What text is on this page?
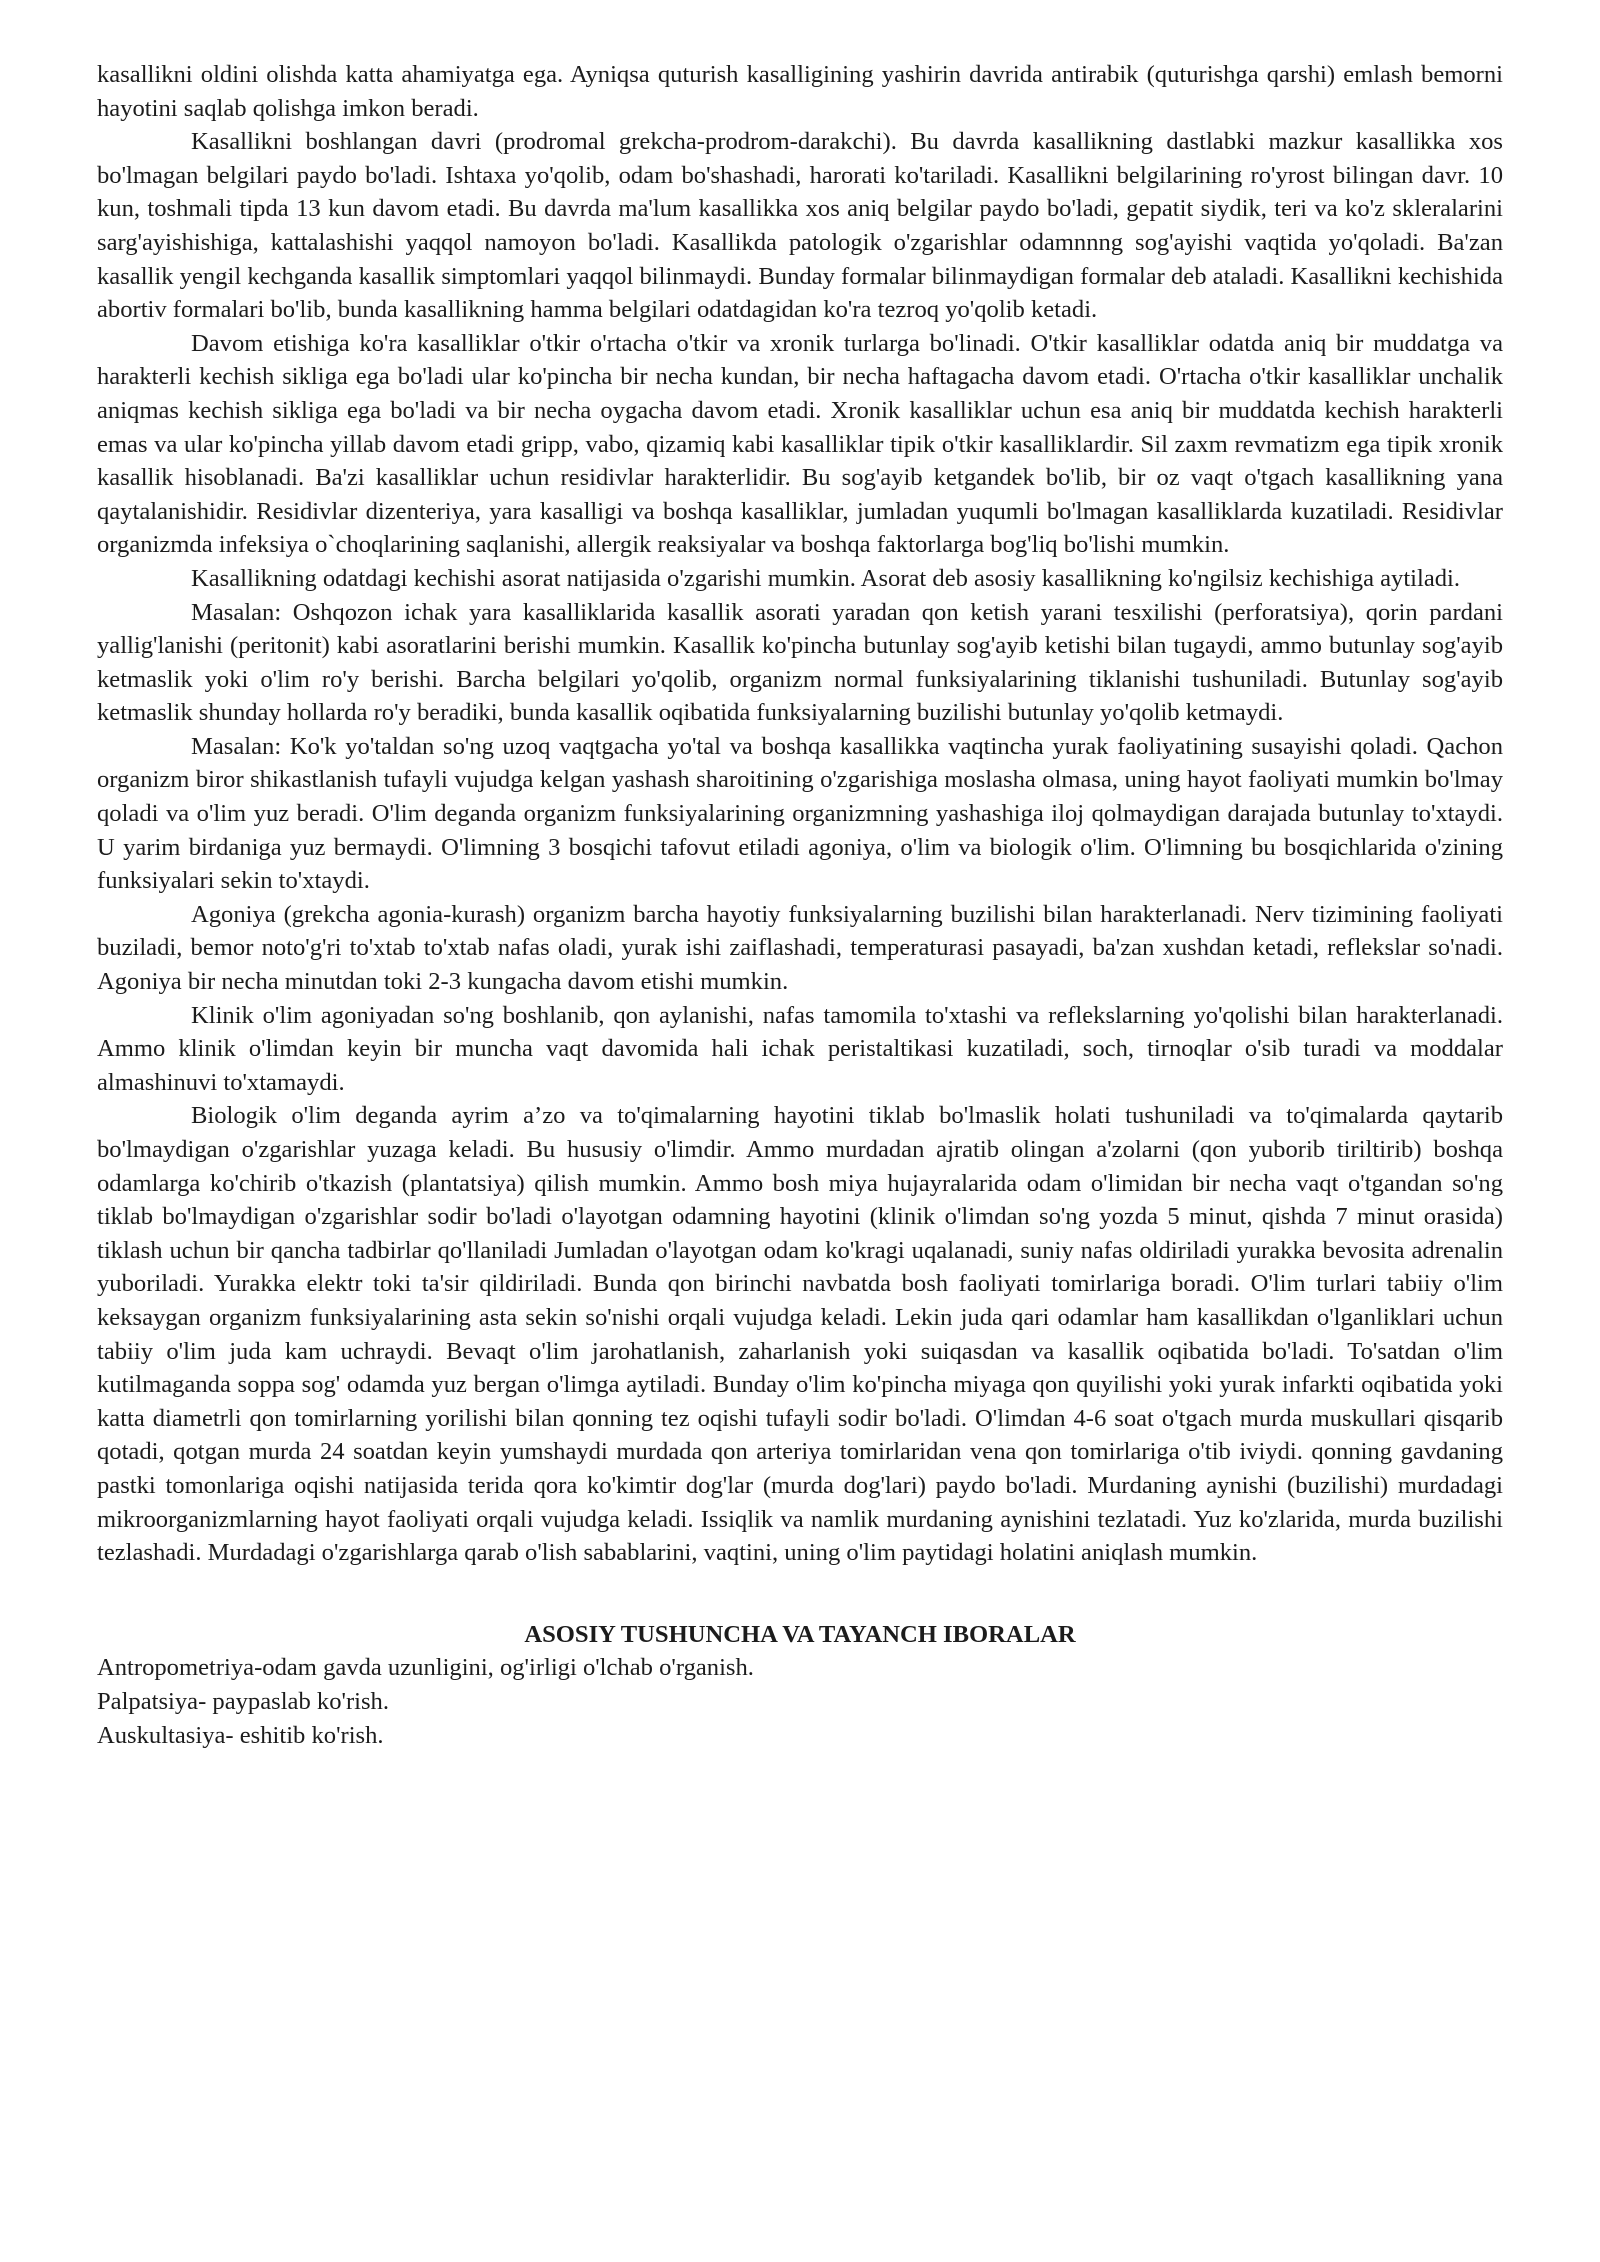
kasallikni oldini olishda katta ahamiyatga ega. Ayniqsa quturish kasalligining yashirin davrida antirabik (quturishga qarshi) emlash bemorni hayotini saqlab qolishga imkon beradi.

Kasallikni boshlangan davri (prodromal grekcha-prodrom-darakchi). Bu davrda kasallikning dastlabki mazkur kasallikka xos bo'lmagan belgilari paydo bo'ladi. Ishtaxa yo'qolib, odam bo'shashadi, harorati ko'tariladi. Kasallikni belgilarining ro'yrost bilingan davr. 10 kun, toshmali tipda 13 kun davom etadi. Bu davrda ma'lum kasallikka xos aniq belgilar paydo bo'ladi, gepatit siydik, teri va ko'z skleralarini sarg'ayishishiga, kattalashishi yaqqol namoyon bo'ladi. Kasallikda patologik o'zgarishlar odamnnng sog'ayishi vaqtida yo'qoladi. Ba'zan kasallik yengil kechganda kasallik simptomlari yaqqol bilinmaydi. Bunday formalar bilinmaydigan formalar deb ataladi. Kasallikni kechishida abortiv formalari bo'lib, bunda kasallikning hamma belgilari odatdagidan ko'ra tezroq yo'qolib ketadi.

Davom etishiga ko'ra kasalliklar o'tkir o'rtacha o'tkir va xronik turlarga bo'linadi. O'tkir kasalliklar odatda aniq bir muddatga va harakterli kechish sikliga ega bo'ladi ular ko'pincha bir necha kundan, bir necha haftagacha davom etadi. O'rtacha o'tkir kasalliklar unchalik aniqmas kechish sikliga ega bo'ladi va bir necha oygacha davom etadi. Xronik kasalliklar uchun esa aniq bir muddatda kechish harakterli emas va ular ko'pincha yillab davom etadi gripp, vabo, qizamiq kabi kasalliklar tipik o'tkir kasalliklardir. Sil zaxm revmatizm ega tipik xronik kasallik hisoblanadi. Ba'zi kasalliklar uchun residivlar harakterlidir. Bu sog'ayib ketgandek bo'lib, bir oz vaqt o'tgach kasallikning yana qaytalanishidir. Residivlar dizenteriya, yara kasalligi va boshqa kasalliklar, jumladan yuqumli bo'lmagan kasalliklarda kuzatiladi. Residivlar organizmda infeksiya o`choqlarining saqlanishi, allergik reaksiyalar va boshqa faktorlarga bog'liq bo'lishi mumkin.

Kasallikning odatdagi kechishi asorat natijasida o'zgarishi mumkin. Asorat deb asosiy kasallikning ko'ngilsiz kechishiga aytiladi.

Masalan: Oshqozon ichak yara kasalliklarida kasallik asorati yaradan qon ketish yarani tesxilishi (perforatsiya), qorin pardani yallig'lanishi (peritonit) kabi asoratlarini berishi mumkin. Kasallik ko'pincha butunlay sog'ayib ketishi bilan tugaydi, ammo butunlay sog'ayib ketmaslik yoki o'lim ro'y berishi. Barcha belgilari yo'qolib, organizm normal funksiyalarining tiklanishi tushuniladi. Butunlay sog'ayib ketmaslik shunday hollarda ro'y beradiki, bunda kasallik oqibatida funksiyalarning buzilishi butunlay yo'qolib ketmaydi.

Masalan: Ko'k yo'taldan so'ng uzoq vaqtgacha yo'tal va boshqa kasallikka vaqtincha yurak faoliyatining susayishi qoladi. Qachon organizm biror shikastlanish tufayli vujudga kelgan yashash sharoitining o'zgarishiga moslasha olmasa, uning hayot faoliyati mumkin bo'lmay qoladi va o'lim yuz beradi. O'lim deganda organizm funksiyalarining organizmning yashashiga iloj qolmaydigan darajada butunlay to'xtaydi. U yarim birdaniga yuz bermaydi. O'limning 3 bosqichi tafovut etiladi agoniya, o'lim va biologik o'lim. O'limning bu bosqichlarida o'zining funksiyalari sekin to'xtaydi.

Agoniya (grekcha agonia-kurash) organizm barcha hayotiy funksiyalarning buzilishi bilan harakterlanadi. Nerv tizimining faoliyati buziladi, bemor noto'g'ri to'xtab to'xtab nafas oladi, yurak ishi zaiflashadi, temperaturasi pasayadi, ba'zan xushdan ketadi, reflekslar so'nadi. Agoniya bir necha minutdan toki 2-3 kungacha davom etishi mumkin.

Klinik o'lim agoniyadan so'ng boshlanib, qon aylanishi, nafas tamomila to'xtashi va reflekslarning yo'qolishi bilan harakterlanadi. Ammo klinik o'limdan keyin bir muncha vaqt davomida hali ichak peristaltikasi kuzatiladi, soch, tirnoqlar o'sib turadi va moddalar almashinuvi to'xtamaydi.

Biologik o'lim deganda ayrim a’zo va to'qimalarning hayotini tiklab bo'lmaslik holati tushuniladi va to'qimalarda qaytarib bo'lmaydigan o'zgarishlar yuzaga keladi. Bu hususiy o'limdir. Ammo murdadan ajratib olingan a'zolarni (qon yuborib tiriltirib) boshqa odamlarga ko'chirib o'tkazish (plantatsiya) qilish mumkin. Ammo bosh miya hujayralarida odam o'limidan bir necha vaqt o'tgandan so'ng tiklab bo'lmaydigan o'zgarishlar sodir bo'ladi o'layotgan odamning hayotini (klinik o'limdan so'ng yozda 5 minut, qishda 7 minut orasida) tiklash uchun bir qancha tadbirlar qo'llaniladi Jumladan o'layotgan odam ko'kragi uqalanadi, suniy nafas oldiriladi yurakka bevosita adrenalin yuboriladi. Yurakka elektr toki ta'sir qildiriladi. Bunda qon birinchi navbatda bosh faoliyati tomirlariga boradi. O'lim turlari tabiiy o'lim keksaygan organizm funksiyalarining asta sekin so'nishi orqali vujudga keladi. Lekin juda qari odamlar ham kasallikdan o'lganliklari uchun tabiiy o'lim juda kam uchraydi. Bevaqt o'lim jarohatlanish, zaharlanish yoki suiqasdan va kasallik oqibatida bo'ladi. To'satdan o'lim kutilmaganda soppa sog' odamda yuz bergan o'limga aytiladi. Bunday o'lim ko'pincha miyaga qon quyilishi yoki yurak infarkti oqibatida yoki katta diametrli qon tomirlarning yorilishi bilan qonning tez oqishi tufayli sodir bo'ladi. O'limdan 4-6 soat o'tgach murda muskullari qisqarib qotadi, qotgan murda 24 soatdan keyin yumshaydi murdada qon arteriya tomirlaridan vena qon tomirlariga o'tib iviydi. qonning gavdaning pastki tomonlariga oqishi natijasida terida qora ko'kimtir dog'lar (murda dog'lari) paydo bo'ladi. Murdaning aynishi (buzilishi) murdadagi mikroorganizmlarning hayot faoliyati orqali vujudga keladi. Issiqlik va namlik murdaning aynishini tezlatadi. Yuz ko'zlarida, murda buzilishi tezlashadi. Murdadagi o'zgarishlarga qarab o'lish sabablarini, vaqtini, uning o'lim paytidagi holatini aniqlash mumkin.

ASOSIY TUSHUNCHA VA TAYANCH IBORALAR

Antropometriya-odam gavda uzunligini, og'irligi o'lchab o'rganish.

Palpatsiya- paypaslab ko'rish.

Auskultasiya- eshitib ko'rish.
